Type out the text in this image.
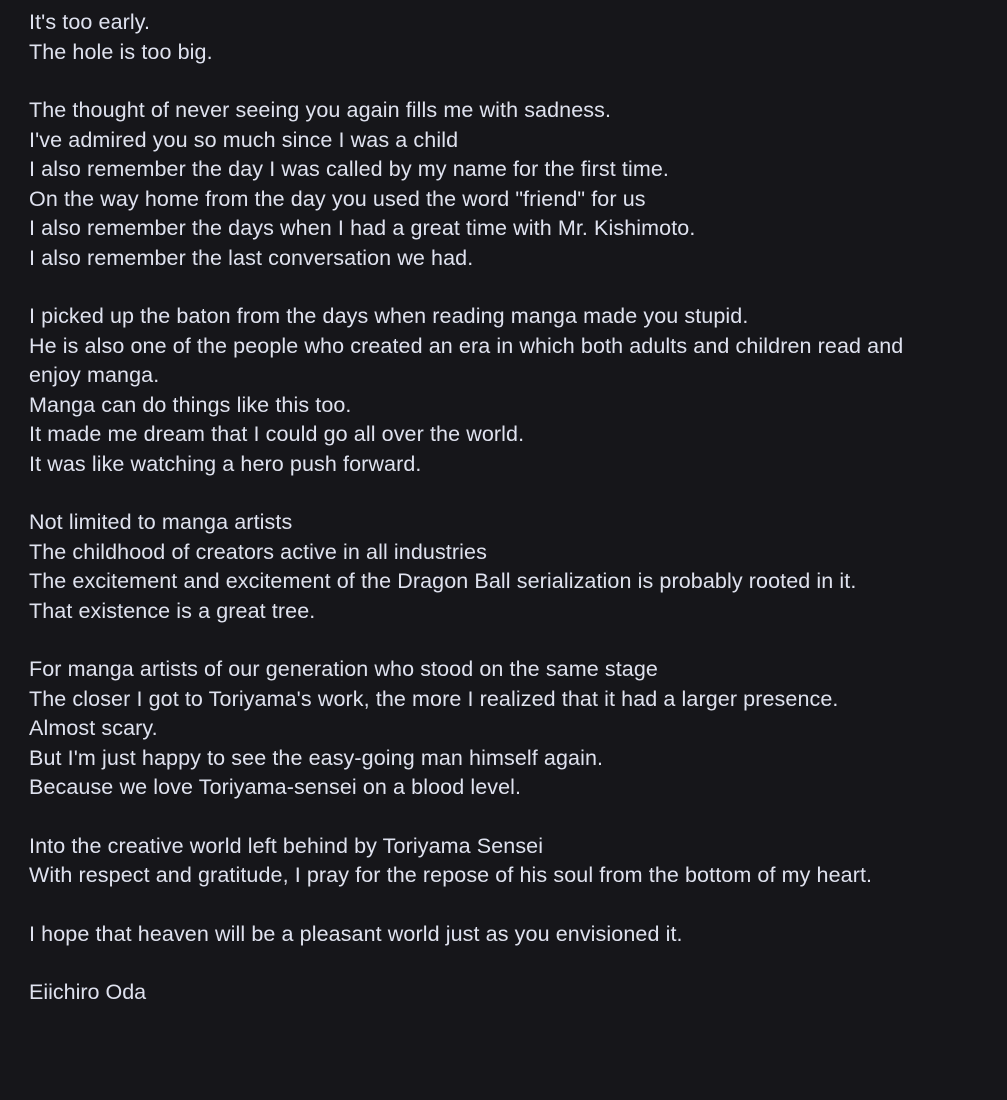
It's too early.
The hole is too big.
The thought of never seeing you again fills me with sadness.
I've admired you so much since I was a child
I also remember the day I was called by my name for the first time.
On the way home from the day you used the word "friend" for us
I also remember the days when I had a great time with Mr. Kishimoto.
I also remember the last conversation we had.
I picked up the baton from the days when reading manga made you stupid.
He is also one of the people who created an era in which both adults and children read and enjoy manga.
Manga can do things like this too.
It made me dream that I could go all over the world.
It was like watching a hero push forward.
Not limited to manga artists
The childhood of creators active in all industries
The excitement and excitement of the Dragon Ball serialization is probably rooted in it.
That existence is a great tree.
For manga artists of our generation who stood on the same stage
The closer I got to Toriyama's work, the more I realized that it had a larger presence.
Almost scary.
But I'm just happy to see the easy-going man himself again.
Because we love Toriyama-sensei on a blood level.
Into the creative world left behind by Toriyama Sensei
With respect and gratitude, I pray for the repose of his soul from the bottom of my heart.
I hope that heaven will be a pleasant world just as you envisioned it.
Eiichiro Oda
